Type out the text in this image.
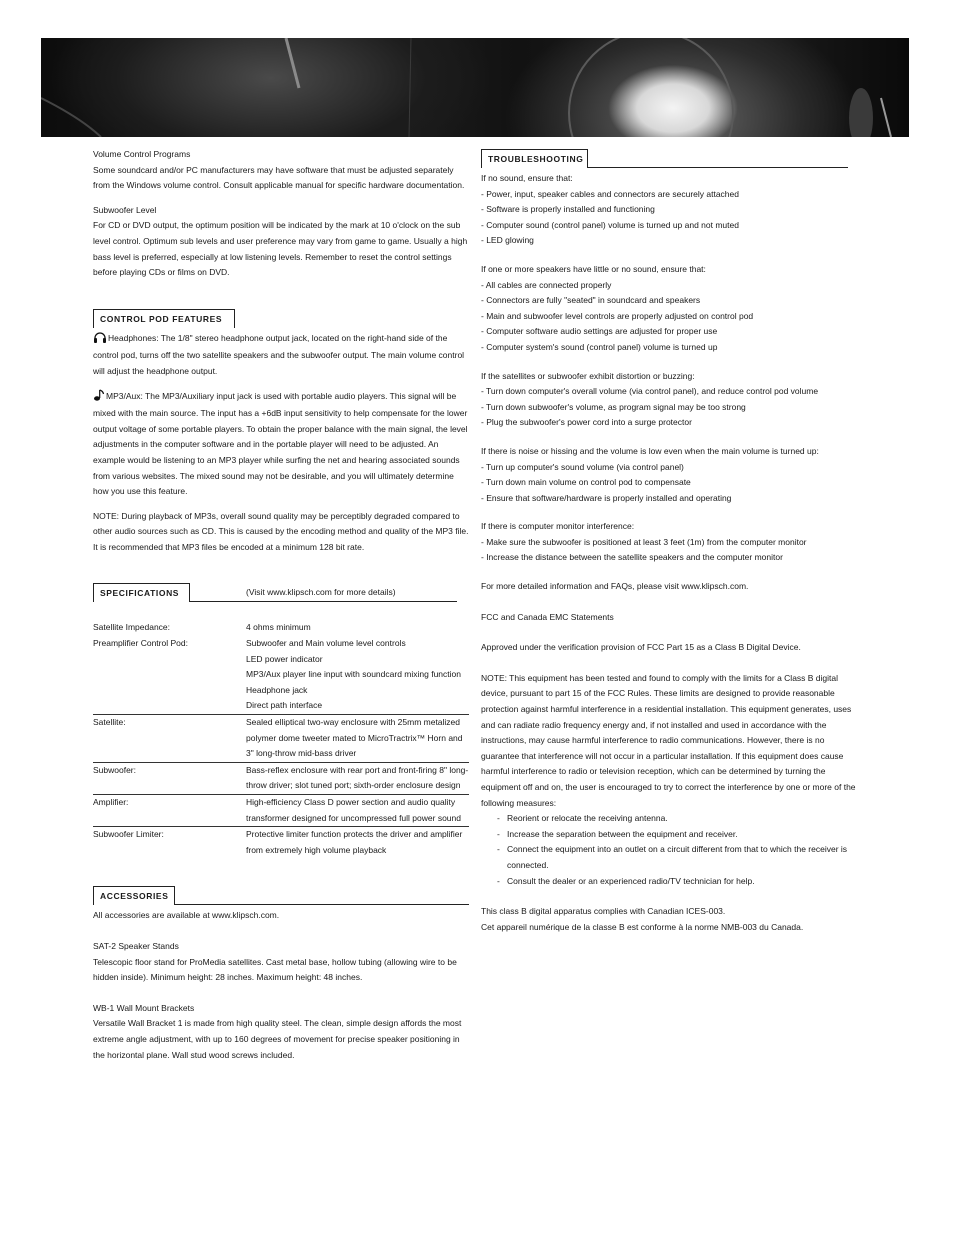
Volume Control Programs

Some soundcard and/or PC manufacturers may have software that must be adjusted separately from the Windows volume control. Consult applicable manual for specific hardware documentation.

Subwoofer Level

For CD or DVD output, the optimum position will be indicated by the mark at 10 o'clock on the sub level control. Optimum sub levels and user preference may vary from game to game. Usually a high bass level is preferred, especially at low listening levels. Remember to reset the control settings before playing CDs or films on DVD.

CONTROL POD FEATURES

Headphones: The 1/8" stereo headphone output jack, located on the right-hand side of the control pod, turns off the two satellite speakers and the subwoofer output. The main volume control will adjust the headphone output.

MP3/Aux: The MP3/Auxiliary input jack is used with portable audio players. This signal will be mixed with the main source. The input has a +6dB input sensitivity to help compensate for the lower output voltage of some portable players. To obtain the proper balance with the main signal, the level adjustments in the computer software and in the portable player will need to be adjusted. An example would be listening to an MP3 player while surfing the net and hearing associated sounds from various websites. The mixed sound may not be desirable, and you will ultimately determine how you use this feature.

NOTE: During playback of MP3s, overall sound quality may be perceptibly degraded compared to other audio sources such as CD. This is caused by the encoding method and quality of the MP3 file. It is recommended that MP3 files be encoded at a minimum 128 bit rate.

SPECIFICATIONS	(Visit www.klipsch.com for more details)
Satellite Impedance:	4 ohms minimum

Preamplifier Control Pod:	Subwoofer and Main volume level controls
LED power indicator
MP3/Aux player line input with soundcard mixing function
Headphone jack
Direct path interface

Satellite:	Sealed elliptical two-way enclosure with 25mm metalized polymer dome tweeter mated to MicroTractrix™ Horn and 3" long-throw mid-bass driver

Subwoofer:	Bass-reflex enclosure with rear port and front-firing 8" long-throw driver; slot tuned port; sixth-order enclosure design

Amplifier:	High-efficiency Class D power section and audio quality transformer designed for uncompressed full power sound

Subwoofer Limiter:	Protective limiter function protects the driver and amplifier from extremely high volume playback
ACCESSORIES

All accessories are available at www.klipsch.com.

SAT-2 Speaker Stands

Telescopic floor stand for ProMedia satellites. Cast metal base, hollow tubing (allowing wire to be hidden inside). Minimum height: 28 inches. Maximum height: 48 inches.

WB-1 Wall Mount Brackets

Versatile Wall Bracket 1 is made from high quality steel. The clean, simple design affords the most extreme angle adjustment, with up to 160 degrees of movement for precise speaker positioning in the horizontal plane. Wall stud wood screws included.

TROUBLESHOOTING

If no sound, ensure that:

- Power, input, speaker cables and connectors are securely attached

- Software is properly installed and functioning

- Computer sound (control panel) volume is turned up and not muted

- LED glowing

If one or more speakers have little or no sound, ensure that:

- All cables are connected properly

- Connectors are fully "seated" in soundcard and speakers

- Main and subwoofer level controls are properly adjusted on control pod

- Computer software audio settings are adjusted for proper use

- Computer system's sound (control panel) volume is turned up

If the satellites or subwoofer exhibit distortion or buzzing:

- Turn down computer's overall volume (via control panel), and reduce control pod volume

- Turn down subwoofer's volume, as program signal may be too strong

- Plug the subwoofer's power cord into a surge protector

If there is noise or hissing and the volume is low even when the main volume is turned up:

- Turn up computer's sound volume (via control panel)

- Turn down main volume on control pod to compensate

- Ensure that software/hardware is properly installed and operating

If there is computer monitor interference:

- Make sure the subwoofer is positioned at least 3 feet (1m) from the computer monitor

- Increase the distance between the satellite speakers and the computer monitor

For more detailed information and FAQs, please visit www.klipsch.com.

FCC and Canada EMC Statements

Approved under the verification provision of FCC Part 15 as a Class B Digital Device.

NOTE: This equipment has been tested and found to comply with the limits for a Class B digital device, pursuant to part 15 of the FCC Rules. These limits are designed to provide reasonable protection against harmful interference in a residential installation. This equipment generates, uses and can radiate radio frequency energy and, if not installed and used in accordance with the instructions, may cause harmful interference to radio communications. However, there is no guarantee that interference will not occur in a particular installation. If this equipment does cause harmful interference to radio or television reception, which can be determined by turning the equipment off and on, the user is encouraged to try to correct the interference by one or more of the following measures:

- Reorient or relocate the receiving antenna.
- Increase the separation between the equipment and receiver.
- Connect the equipment into an outlet on a circuit different from that to which the receiver is connected.
- Consult the dealer or an experienced radio/TV technician for help.

This class B digital apparatus complies with Canadian ICES-003.

Cet appareil numérique de la classe B est conforme à la norme NMB-003 du Canada.
